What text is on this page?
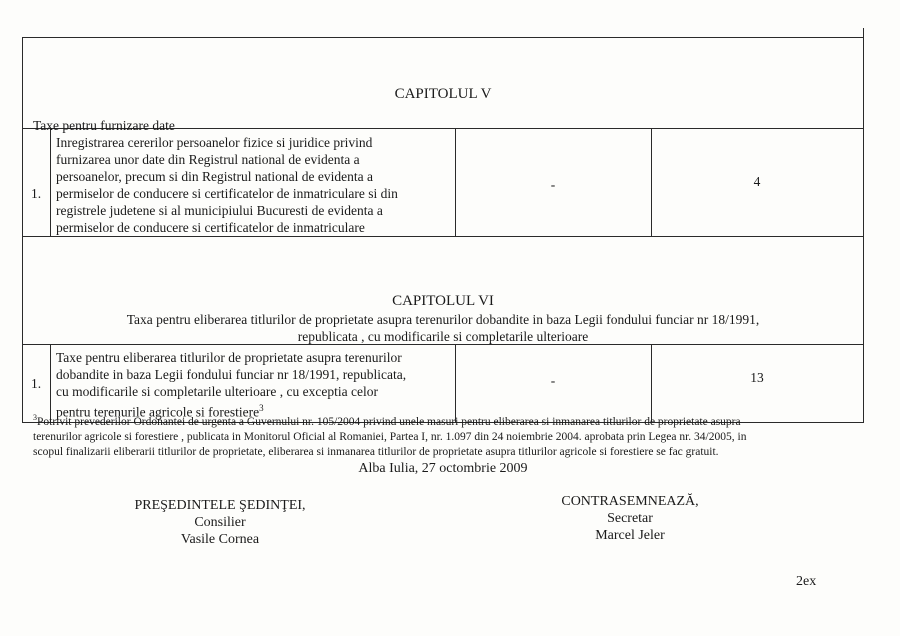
CAPITOLUL V
Taxe pentru furnizare date
1.
Inregistrarea cererilor persoanelor fizice si juridice privind
furnizarea unor date din Registrul national de evidenta a
persoanelor, precum si din Registrul national de evidenta a
permiselor de conducere si certificatelor de inmatriculare si din
registrele judetene si al municipiului Bucuresti de evidenta a
permiselor de conducere si certificatelor de inmatriculare
-	4
CAPITOLUL VI
Taxa pentru eliberarea titlurilor de proprietate asupra terenurilor dobandite in baza Legii fondului funciar nr 18/1991,
republicata , cu modificarile si completarile ulterioare
1.
Taxe pentru eliberarea titlurilor de proprietate asupra terenurilor
dobandite in baza Legii fondului funciar nr 18/1991, republicata,
cu modificarile si completarile ulterioare , cu exceptia celor
pentru terenurile agricole si forestiere$^3$
-	13
$^3$Potrivit prevederilor Ordonantei de urgenta a Guvernului nr. 105/2004 privind unele masuri pentru eliberarea si inmanarea titlurilor de proprietate asupra
terenurilor agricole si forestiere , publicata in Monitorul Oficial al Romaniei, Partea I, nr. 1.097 din 24 noiembrie 2004. aprobata prin Legea nr. 34/2005, in
scopul finalizarii eliberarii titlurilor de proprietate, eliberarea si inmanarea titlurilor de proprietate asupra titlurilor agricole si forestiere se fac gratuit.
Alba Iulia, 27 octombrie 2009
PREŞEDINTELE ŞEDINŢEI,
Consilier
Vasile Cornea
CONTRASEMNEAZĂ,
Secretar
Marcel Jeler
2ex
